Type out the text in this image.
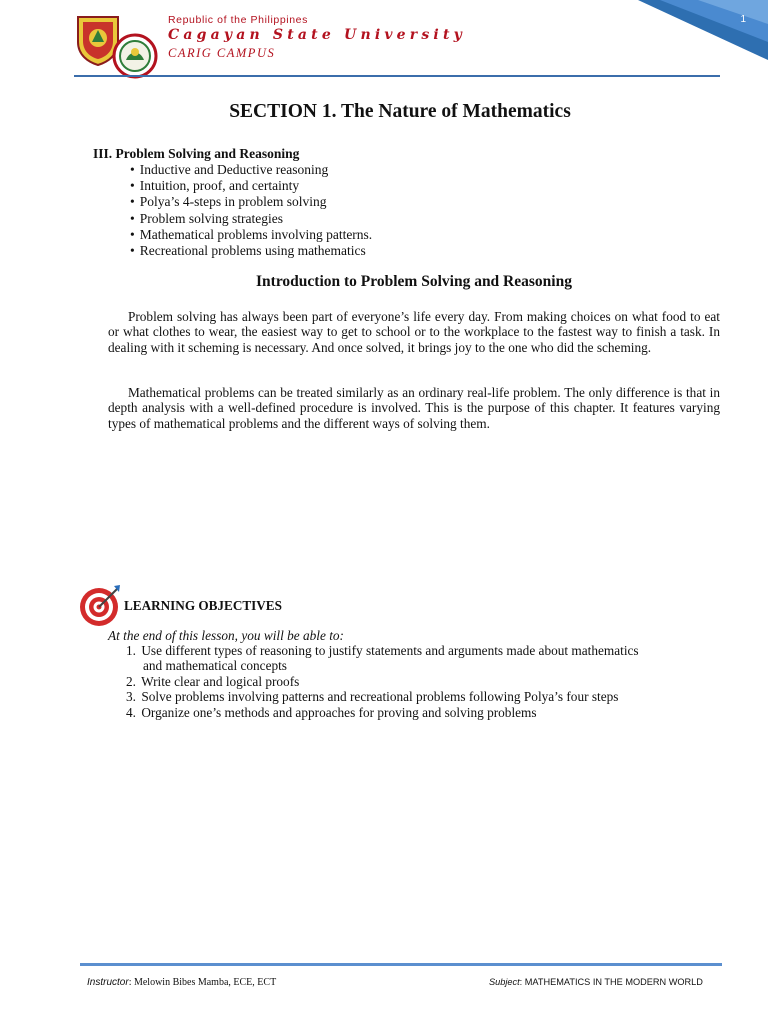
Republic of the Philippines
Cagayan State University
CARIG CAMPUS
1
SECTION 1. The Nature of Mathematics
III. Problem Solving and Reasoning
• Inductive and Deductive reasoning
• Intuition, proof, and certainty
• Polya’s 4-steps in problem solving
• Problem solving strategies
• Mathematical problems involving patterns.
• Recreational problems using mathematics
Introduction to Problem Solving and Reasoning

  Problem solving has always been part of everyone’s life every day. From making choices on what food to eat or what clothes to wear, the easiest way to get to school or to the workplace to the fastest way to finish a task. In dealing with it scheming is necessary. And once solved, it brings joy to the one who did the scheming.

  Mathematical problems can be treated similarly as an ordinary real-life problem. The only difference is that in depth analysis with a well-defined procedure is involved. This is the purpose of this chapter. It features varying types of mathematical problems and the different ways of solving them.

LEARNING OBJECTIVES
At the end of this lesson, you will be able to:
1. Use different types of reasoning to justify statements and arguments made about mathematics
and mathematical concepts
2. Write clear and logical proofs
3. Solve problems involving patterns and recreational problems following Polya’s four steps
4. Organize one’s methods and approaches for proving and solving problems
Instructor: Melowin Bibes Mamba, ECE, ECT	Subject: MATHEMATICS IN THE MODERN WORLD
